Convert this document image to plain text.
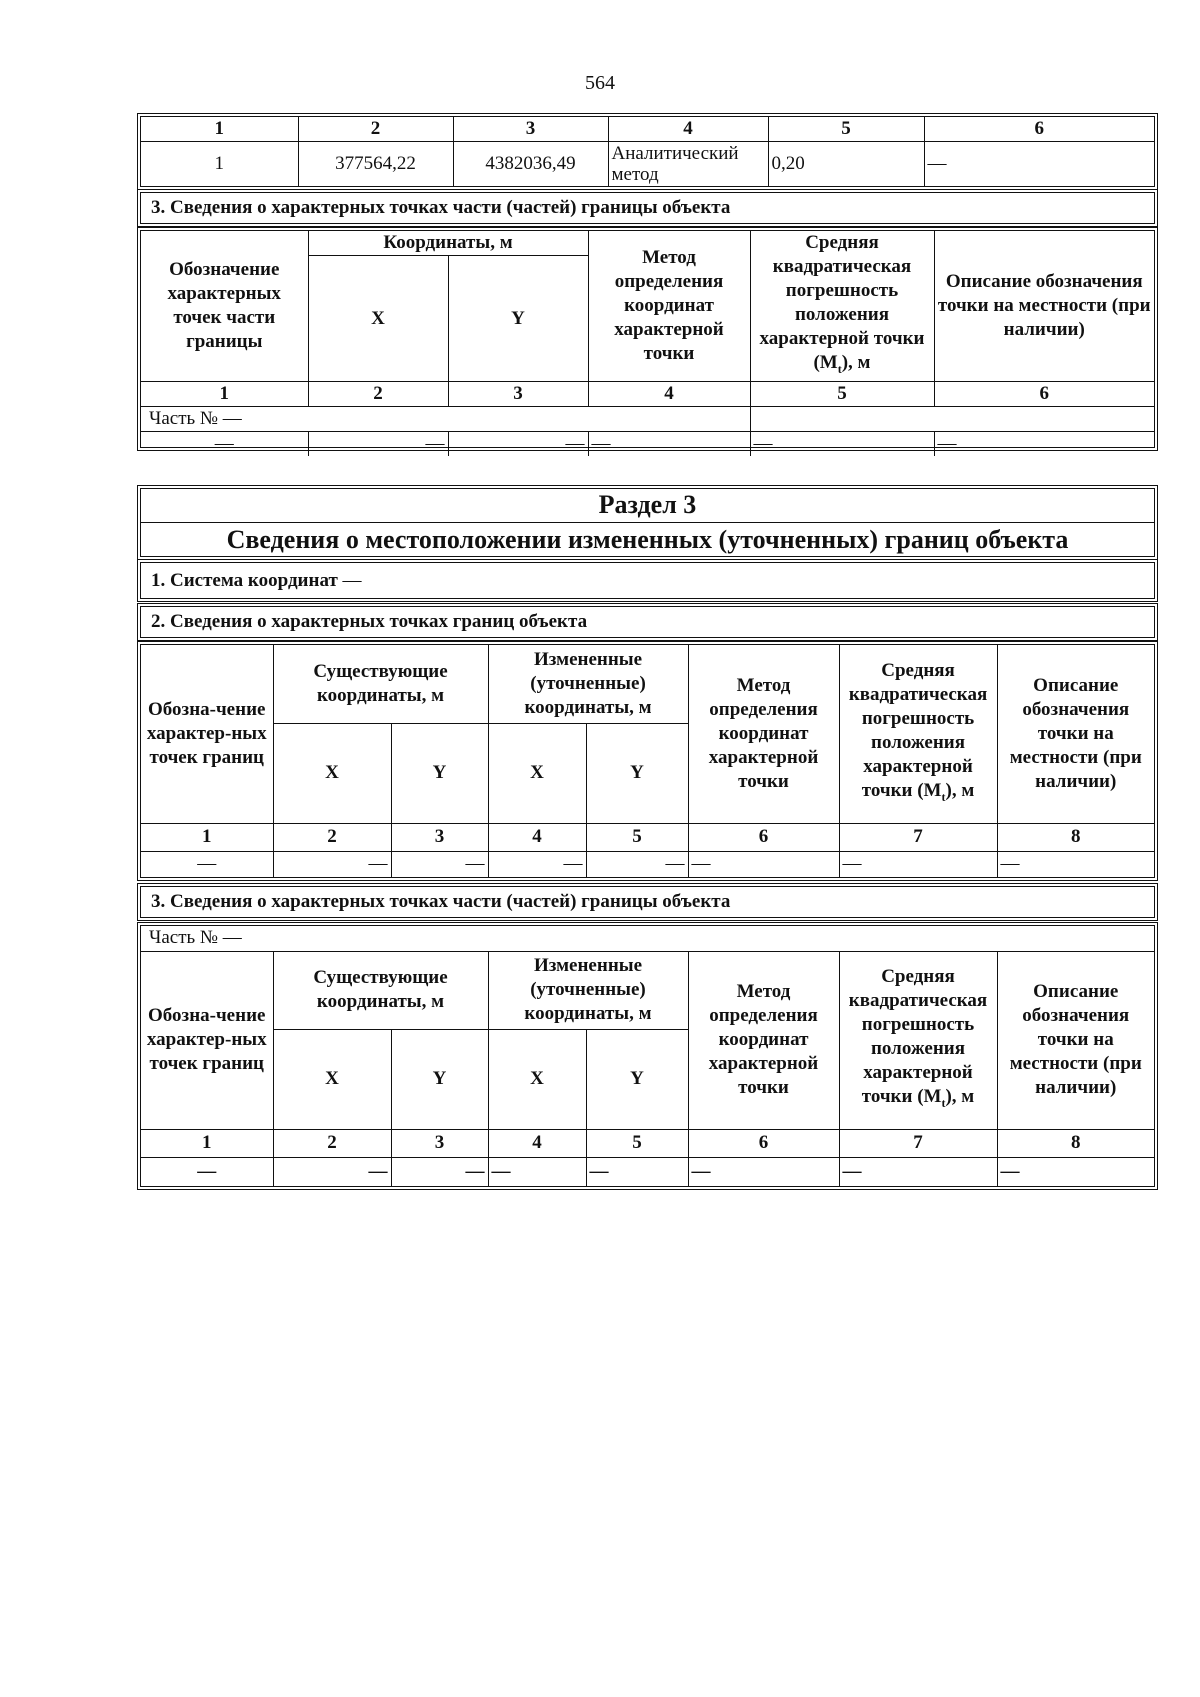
564
1	2	3	4	5	6
1	377564,22	4382036,49	Аналитический метод	0,20	—
3. Сведения о характерных точках части (частей) границы объекта
Обозначение характерных точек части границы	Координаты, м		Метод определения координат характерной точки	Средняя квадратическая погрешность положения характерной точки $(M_t)$, м	Описание обозначения точки на местности (при наличии)
	X	Y			
1	2	3	4	5	6
Часть № —					
—	—	—	—	—	—
Раздел 3
Сведения о местоположении измененных (уточненных) границ объекта
1. Система координат
—
2. Сведения о характерных точках границ объекта
Обозна-чение характер-ных точек границ	Существующие координаты, м		Измененные (уточненные) координаты, м		Метод определения координат характерной точки	Средняя квадратическая погрешность положения характерной точки $(M_t)$, м	Описание обозначения точки на местности (при наличии)
	X	Y	X	Y			
1	2	3	4	5	6	7	8
—	—	—	—	—	—	—	—
3. Сведения о характерных точках части (частей) границы объекта
Часть № —							
Обозна-чение характер-ных точек границ	Существующие координаты, м		Измененные (уточненные) координаты, м		Метод определения координат характерной точки	Средняя квадратическая погрешность положения характерной точки $(M_t)$, м	Описание обозначения точки на местности (при наличии)
	X	Y	X	Y			
1	2	3	4	5	6	7	8
—	—	—	—	—	—	—	—
